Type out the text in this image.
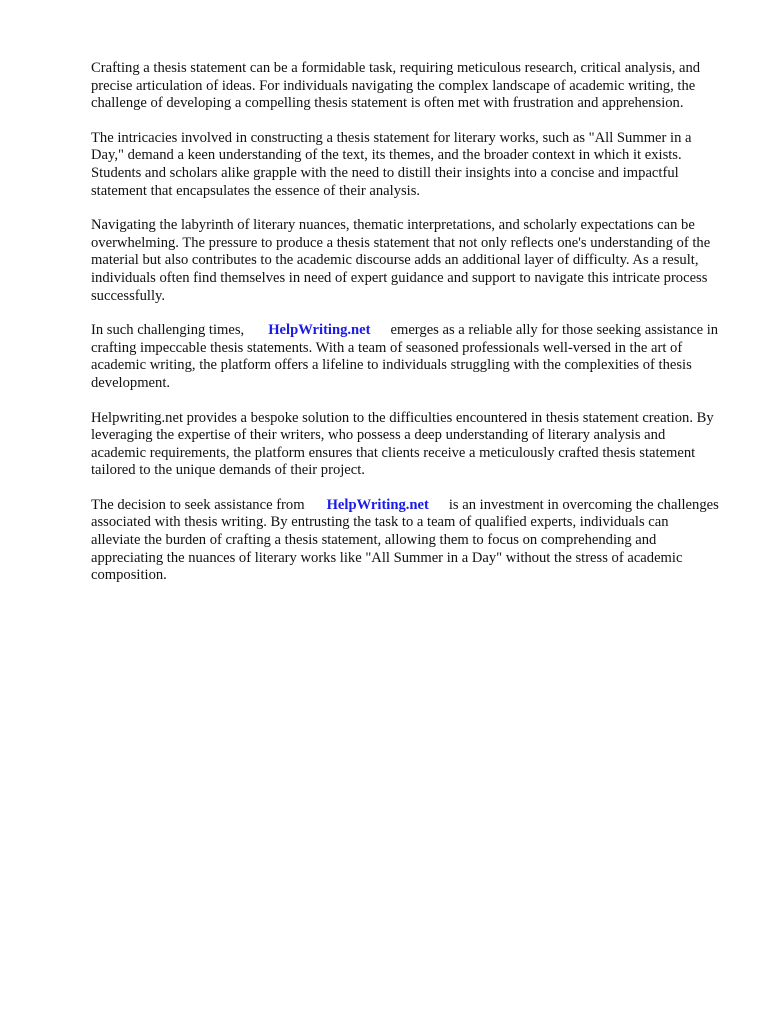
Crafting a thesis statement can be a formidable task, requiring meticulous research, critical analysis, and precise articulation of ideas. For individuals navigating the complex landscape of academic writing, the challenge of developing a compelling thesis statement is often met with frustration and apprehension.

The intricacies involved in constructing a thesis statement for literary works, such as "All Summer in a Day," demand a keen understanding of the text, its themes, and the broader context in which it exists. Students and scholars alike grapple with the need to distill their insights into a concise and impactful statement that encapsulates the essence of their analysis.

Navigating the labyrinth of literary nuances, thematic interpretations, and scholarly expectations can be overwhelming. The pressure to produce a thesis statement that not only reflects one's understanding of the material but also contributes to the academic discourse adds an additional layer of difficulty. As a result, individuals often find themselves in need of expert guidance and support to navigate this intricate process successfully.

In such challenging times, HelpWriting.net emerges as a reliable ally for those seeking assistance in crafting impeccable thesis statements. With a team of seasoned professionals well-versed in the art of academic writing, the platform offers a lifeline to individuals struggling with the complexities of thesis development.

Helpwriting.net provides a bespoke solution to the difficulties encountered in thesis statement creation. By leveraging the expertise of their writers, who possess a deep understanding of literary analysis and academic requirements, the platform ensures that clients receive a meticulously crafted thesis statement tailored to the unique demands of their project.

The decision to seek assistance from HelpWriting.net is an investment in overcoming the challenges associated with thesis writing. By entrusting the task to a team of qualified experts, individuals can alleviate the burden of crafting a thesis statement, allowing them to focus on comprehending and appreciating the nuances of literary works like "All Summer in a Day" without the stress of academic composition.
